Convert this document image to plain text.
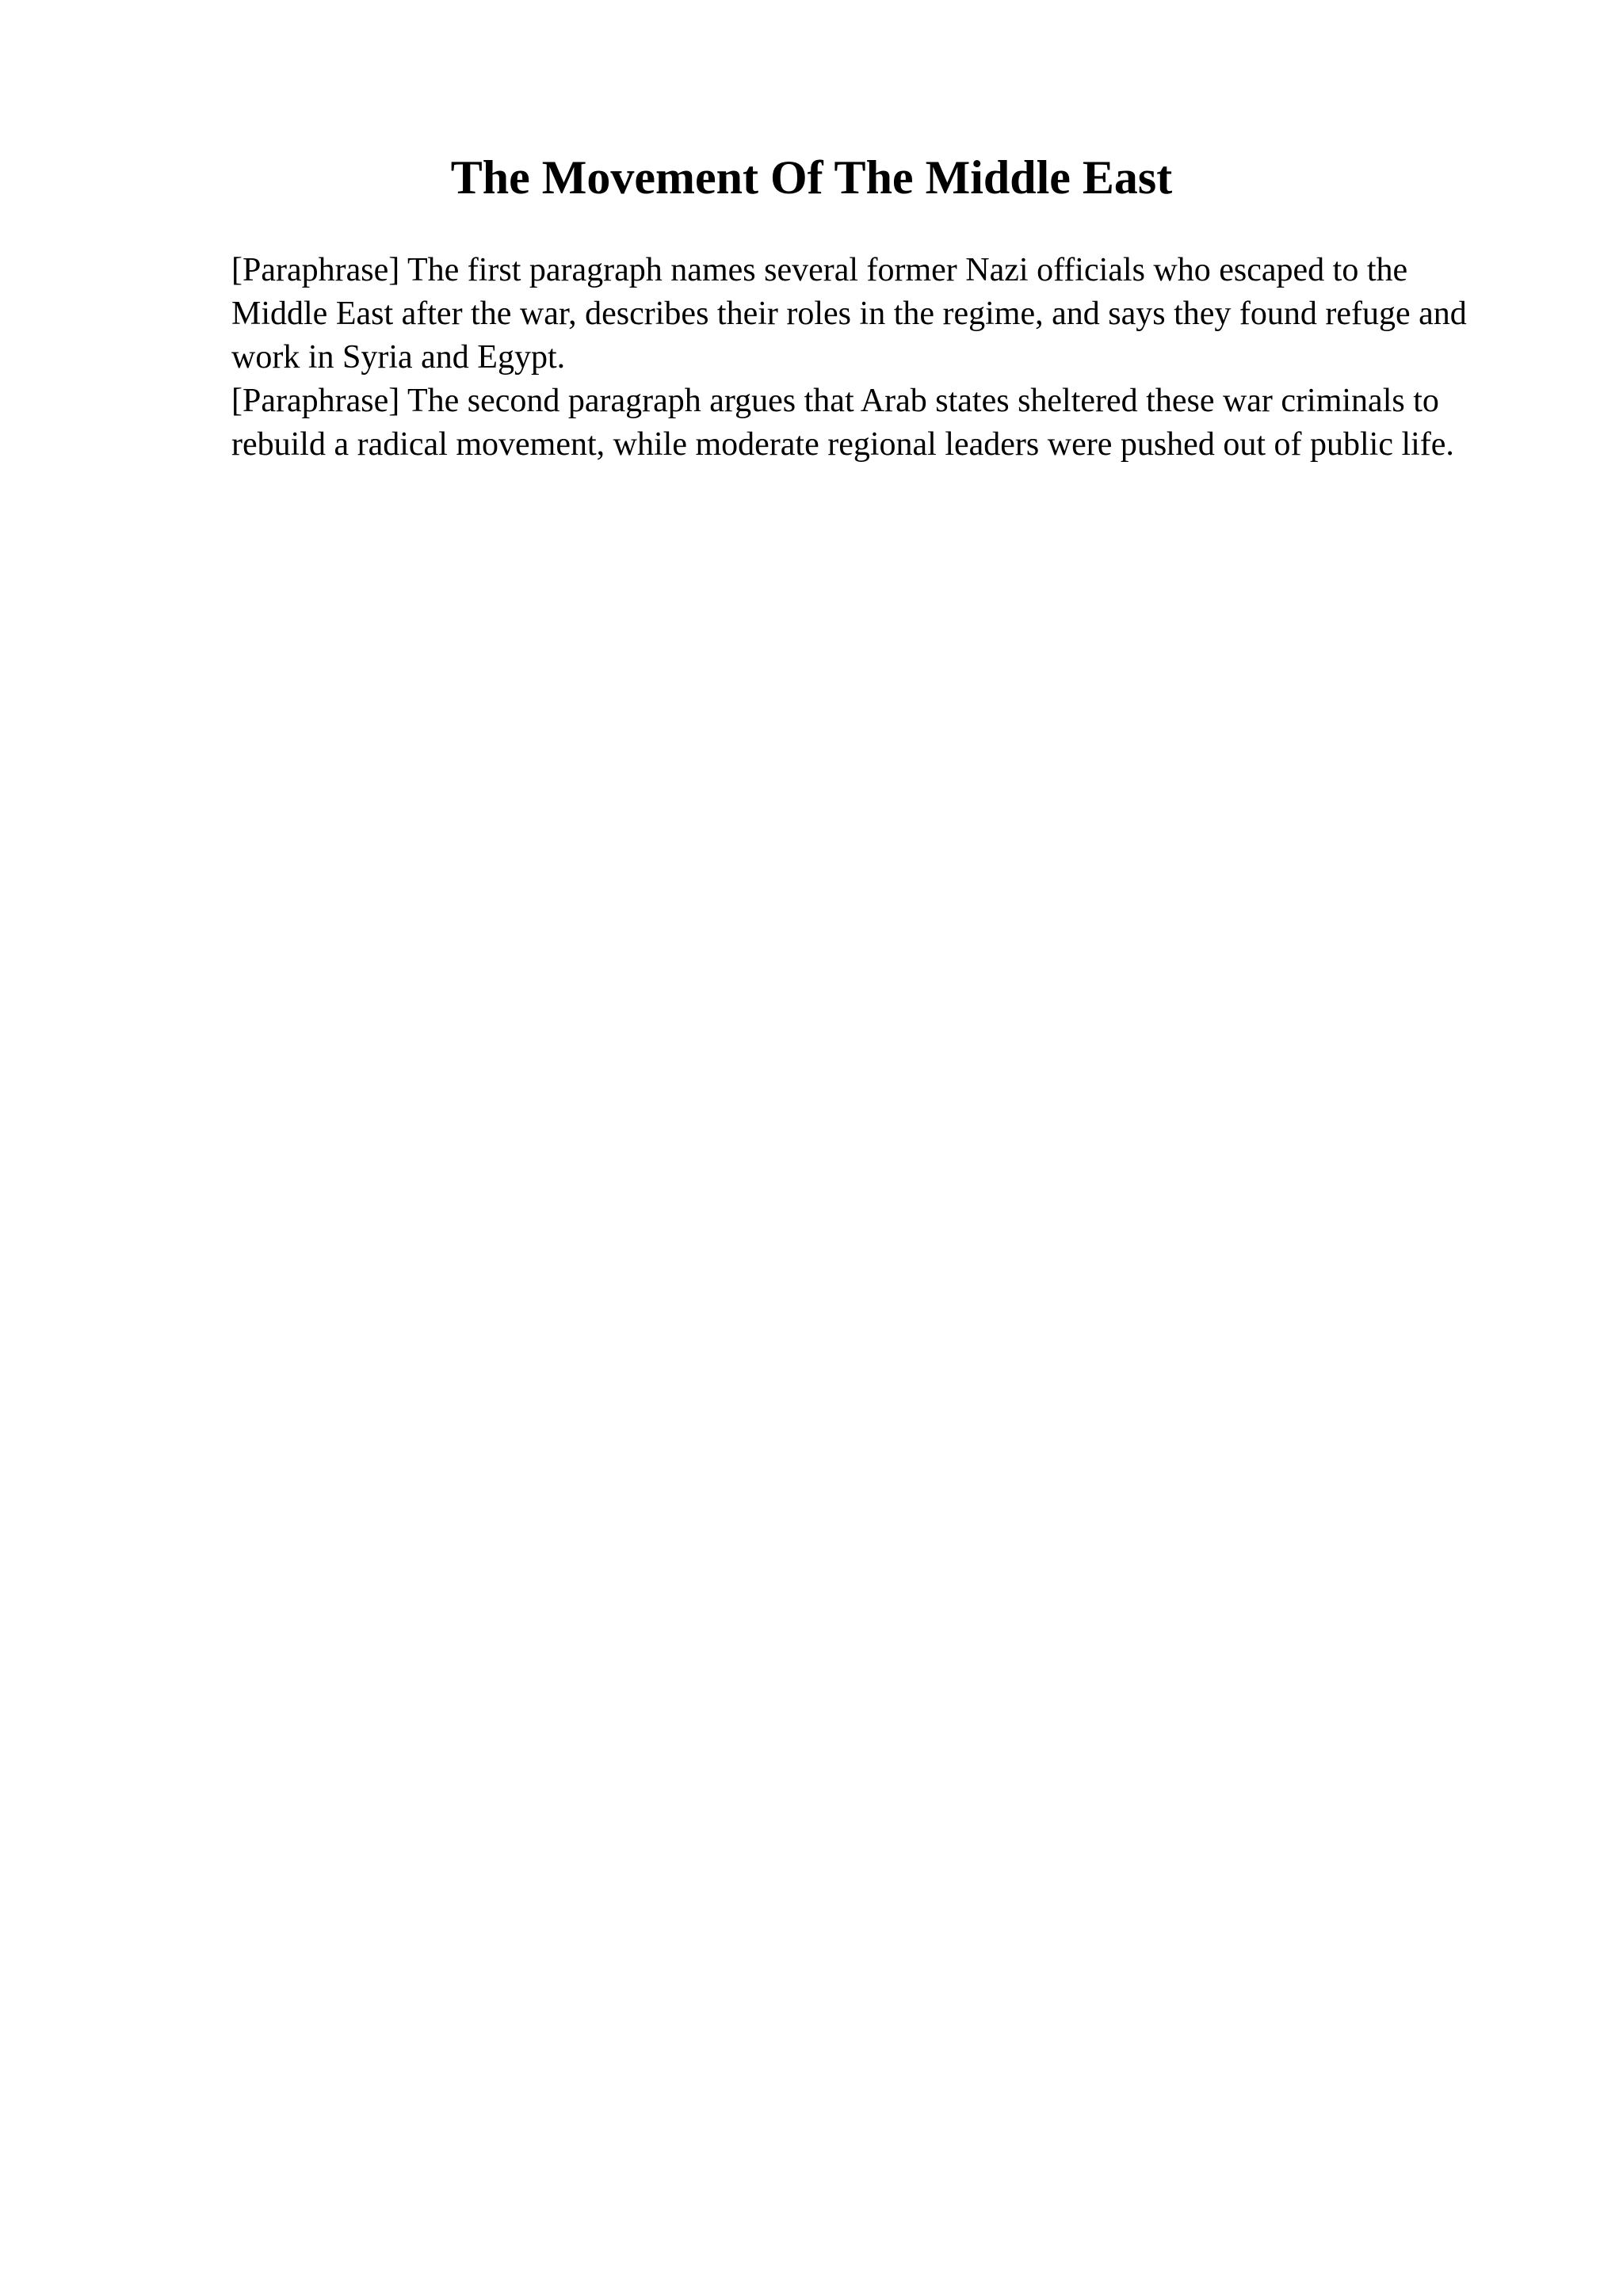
The Movement Of The Middle East

[Paraphrase] The first paragraph names several former Nazi officials who escaped to the Middle East after the war, describes their roles in the regime, and says they found refuge and work in Syria and Egypt.

[Paraphrase] The second paragraph argues that Arab states sheltered these war criminals to rebuild a radical movement, while moderate regional leaders were pushed out of public life.
